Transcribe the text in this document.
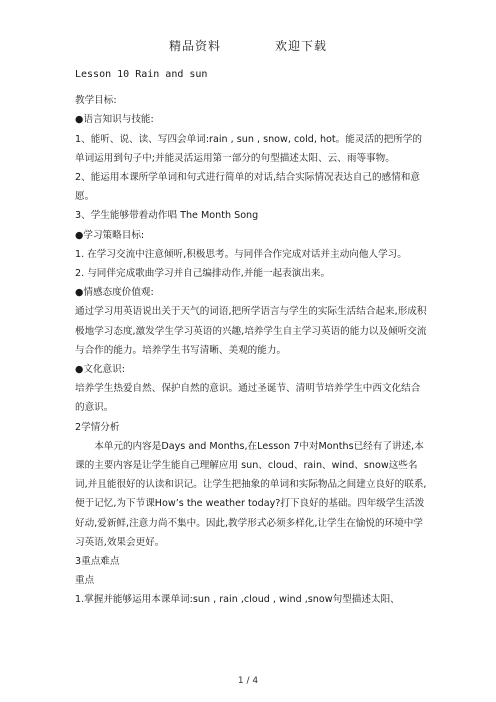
精品资料	欢迎下载
Lesson 10 Rain and sun

教学目标:

●语言知识与技能:

1、能听、说、读、写四会单词:rain , sun , snow, cold, hot。能灵活的把所学的单词运用到句子中;并能灵活运用第一部分的句型描述太阳、云、雨等事物。

2、能运用本课所学单词和句式进行简单的对话,结合实际情况表达自己的感情和意愿。

3、学生能够带着动作唱 The Month Song

●学习策略目标:

1. 在学习交流中注意倾听,积极思考。与同伴合作完成对话并主动向他人学习。

2. 与同伴完成歌曲学习并自己编排动作,并能一起表演出来。

●情感态度价值观:

通过学习用英语说出关于天气的词语,把所学语言与学生的实际生活结合起来,形成积极地学习态度,激发学生学习英语的兴趣,培养学生自主学习英语的能力以及倾听交流与合作的能力。培养学生书写清晰、美观的能力。

●文化意识:

培养学生热爱自然、保护自然的意识。通过圣诞节、清明节培养学生中西文化结合的意识。

2学情分析

本单元的内容是Days and Months,在Lesson 7中对Months已经有了讲述,本课的主要内容是让学生能自己理解应用 sun、cloud、rain、wind、snow这些名词,并且能很好的认读和识记。让学生把抽象的单词和实际物品之间建立良好的联系,便于记忆,为下节课How’s the weather today?打下良好的基础。四年级学生活泼好动,爱新鲜,注意力尚不集中。因此,教学形式必须多样化,让学生在愉悦的环境中学习英语,效果会更好。

3重点难点

重点

1.掌握并能够运用本课单词:sun , rain ,cloud , wind ,snow句型描述太阳、

1 / 4
